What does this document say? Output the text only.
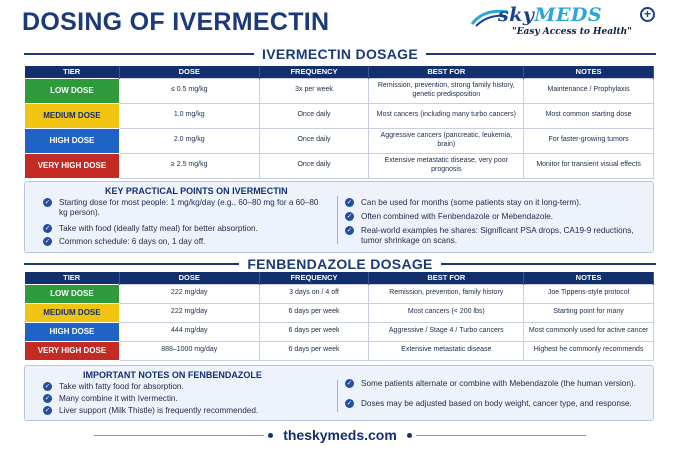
DOSING OF IVERMECTIN	skyMEDS	+
"Easy Access to Health"
IVERMECTIN DOSAGE
TIER	DOSE	FREQUENCY	BEST FOR	NOTES
LOW DOSE	≤ 0.5 mg/kg	3x per week	Remission, prevention, strong family history, genetic predisposition	Maintenance / Prophylaxis
MEDIUM DOSE	1.0 mg/kg	Once daily	Most cancers (including many turbo cancers)	Most common starting dose
HIGH DOSE	2.0 mg/kg	Once daily	Aggressive cancers (pancreatic, leukemia, brain)	For faster-growing tumors
VERY HIGH DOSE	≥ 2.5 mg/kg	Once daily	Extensive metastatic disease, very poor prognosis	Monitor for transient visual effects
KEY PRACTICAL POINTS ON IVERMECTIN
✓ Starting dose for most people: 1 mg/kg/day (e.g., 60–80 mg for a 60–80 kg person).
✓ Take with food (ideally fatty meal) for better absorption.
✓ Common schedule: 6 days on, 1 day off.
✓ Can be used for months (some patients stay on it long-term).
✓ Often combined with Fenbendazole or Mebendazole.
✓ Real-world examples he shares: Significant PSA drops, CA19-9 reductions, tumor shrinkage on scans.
FENBENDAZOLE DOSAGE
TIER	DOSE	FREQUENCY	BEST FOR	NOTES
LOW DOSE	222 mg/day	3 days on / 4 off	Remission, prevention, family history	Joe Tippens-style protocol
MEDIUM DOSE	222 mg/day	6 days per week	Most cancers (< 200 lbs)	Starting point for many
HIGH DOSE	444 mg/day	6 days per week	Aggressive / Stage 4 / Turbo cancers	Most commonly used for active cancer
VERY HIGH DOSE	888–1000 mg/day	6 days per week	Extensive metastatic disease	Highest he commonly recommends
IMPORTANT NOTES ON FENBENDAZOLE
✓ Take with fatty food for absorption.
✓ Many combine it with Ivermectin.
✓ Liver support (Milk Thistle) is frequently recommended.
✓ Some patients alternate or combine with Mebendazole (the human version).
✓ Doses may be adjusted based on body weight, cancer type, and response.
theskymeds.com
